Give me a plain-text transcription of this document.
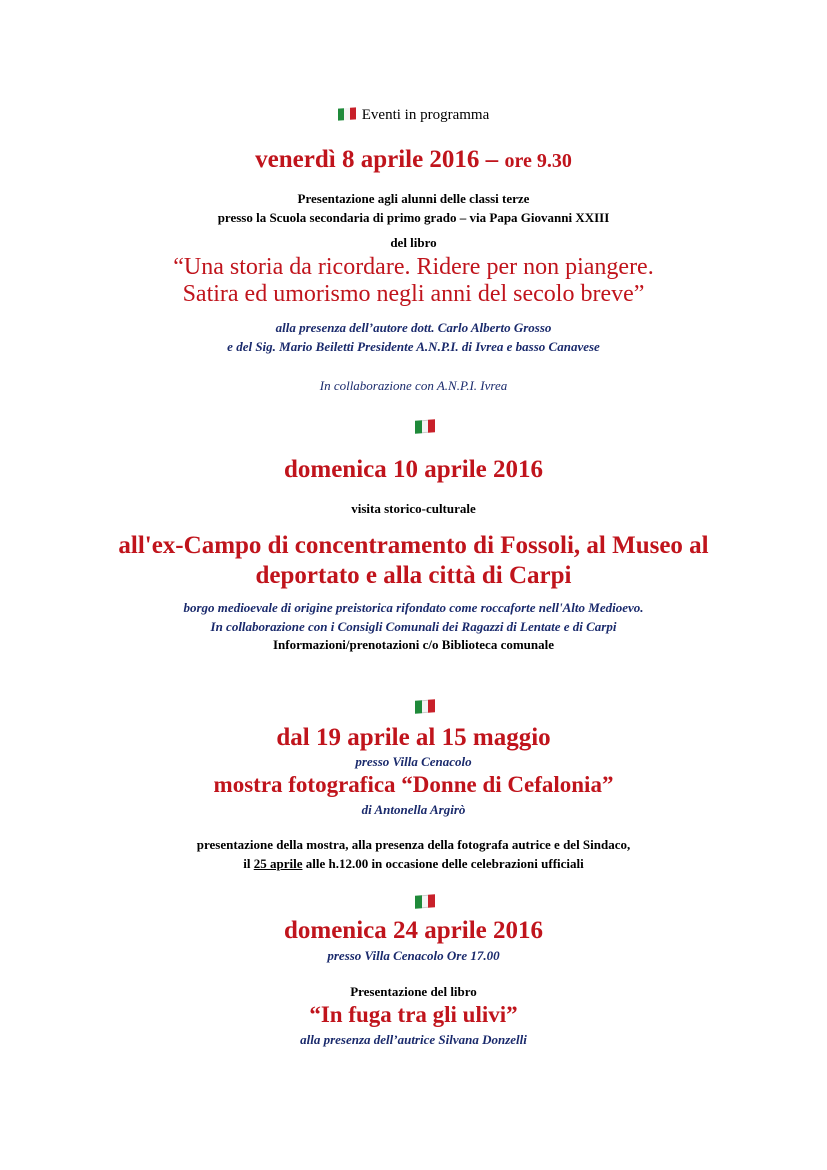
Eventi in programma
venerdì 8 aprile 2016 – ore 9.30
Presentazione agli alunni delle classi terze
presso la Scuola secondaria di primo grado – via Papa Giovanni XXIII
del libro
“Una storia da ricordare. Ridere per non piangere.
Satira ed umorismo negli anni del secolo breve”
alla presenza dell’autore dott. Carlo Alberto Grosso
e del Sig. Mario Beiletti Presidente A.N.P.I. di Ivrea e basso Canavese
In collaborazione con A.N.P.I. Ivrea
domenica 10 aprile 2016
visita storico-culturale
all'ex-Campo di concentramento di Fossoli, al Museo al
deportato e alla città di Carpi
borgo medioevale di origine preistorica rifondato come roccaforte nell'Alto Medioevo.
In collaborazione con i Consigli Comunali dei Ragazzi di Lentate e di Carpi
Informazioni/prenotazioni c/o Biblioteca comunale
dal 19 aprile al 15 maggio
presso Villa Cenacolo
mostra fotografica “Donne di Cefalonia”
di Antonella Argirò
presentazione della mostra, alla presenza della fotografa autrice e del Sindaco,
il 25 aprile alle h.12.00 in occasione delle celebrazioni ufficiali
domenica 24 aprile 2016
presso Villa Cenacolo Ore 17.00
Presentazione del libro
“In fuga tra gli ulivi”
alla presenza dell’autrice Silvana Donzelli
